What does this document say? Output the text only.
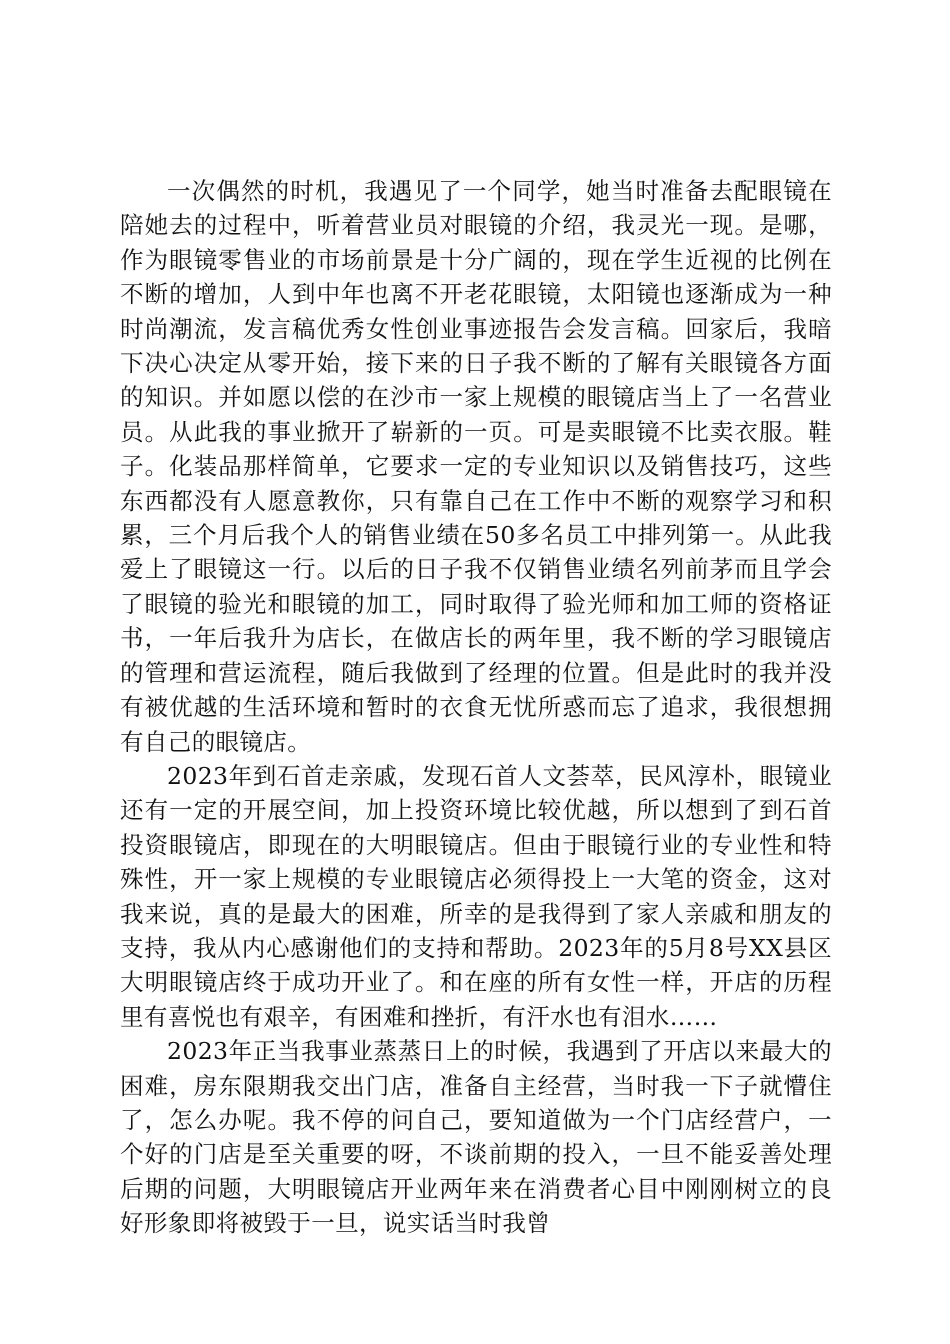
一次偶然的时机，我遇见了一个同学，她当时准备去配眼镜在陪她去的过程中，听着营业员对眼镜的介绍，我灵光一现。是哪，作为眼镜零售业的市场前景是十分广阔的，现在学生近视的比例在不断的增加，人到中年也离不开老花眼镜，太阳镜也逐渐成为一种时尚潮流，发言稿优秀女性创业事迹报告会发言稿。回家后，我暗下决心决定从零开始，接下来的日子我不断的了解有关眼镜各方面的知识。并如愿以偿的在沙市一家上规模的眼镜店当上了一名营业员。从此我的事业掀开了崭新的一页。可是卖眼镜不比卖衣服。鞋子。化装品那样简单，它要求一定的专业知识以及销售技巧，这些东西都没有人愿意教你，只有靠自己在工作中不断的观察学习和积累，三个月后我个人的销售业绩在50多名员工中排列第一。从此我爱上了眼镜这一行。以后的日子我不仅销售业绩名列前茅而且学会了眼镜的验光和眼镜的加工，同时取得了验光师和加工师的资格证书，一年后我升为店长，在做店长的两年里，我不断的学习眼镜店的管理和营运流程，随后我做到了经理的位置。但是此时的我并没有被优越的生活环境和暂时的衣食无忧所惑而忘了追求，我很想拥有自己的眼镜店。

2023年到石首走亲戚，发现石首人文荟萃，民风淳朴，眼镜业还有一定的开展空间，加上投资环境比较优越，所以想到了到石首投资眼镜店，即现在的大明眼镜店。但由于眼镜行业的专业性和特殊性，开一家上规模的专业眼镜店必须得投上一大笔的资金，这对我来说，真的是最大的困难，所幸的是我得到了家人亲戚和朋友的支持，我从内心感谢他们的支持和帮助。2023年的5月8号XX县区大明眼镜店终于成功开业了。和在座的所有女性一样，开店的历程里有喜悦也有艰辛，有困难和挫折，有汗水也有泪水……

2023年正当我事业蒸蒸日上的时候，我遇到了开店以来最大的困难，房东限期我交出门店，准备自主经营，当时我一下子就懵住了，怎么办呢。我不停的问自己，要知道做为一个门店经营户，一个好的门店是至关重要的呀，不谈前期的投入，一旦不能妥善处理后期的问题，大明眼镜店开业两年来在消费者心目中刚刚树立的良好形象即将被毁于一旦，说实话当时我曾
